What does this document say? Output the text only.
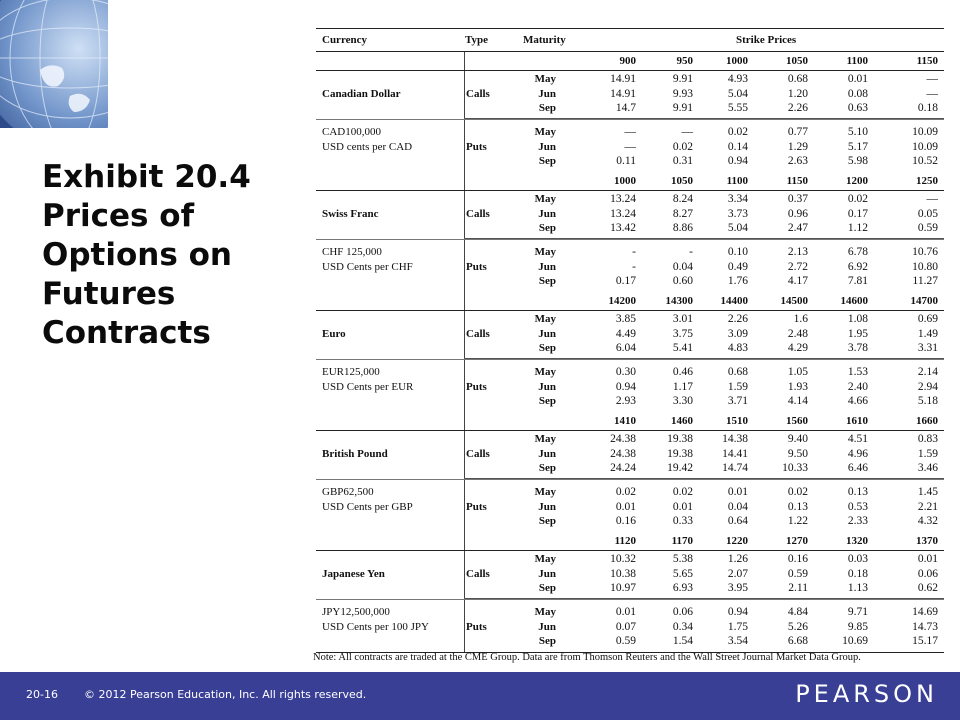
Exhibit 20.4
Prices of
Options on
Futures
Contracts
Currency	Type	Maturity	Strike Prices
900	950	1000	1050	1100	1150
Canadian Dollar	Calls
May	14.91	9.91	4.93	0.68	0.01	—
Jun	14.91	9.93	5.04	1.20	0.08	—
Sep	14.7	9.91	5.55	2.26	0.63	0.18
CAD100,000
USD cents per CAD	Puts
May	—	—	0.02	0.77	5.10	10.09
Jun	—	0.02	0.14	1.29	5.17	10.09
Sep	0.11	0.31	0.94	2.63	5.98	10.52
1000	1050	1100	1150	1200	1250
Swiss Franc	Calls
May	13.24	8.24	3.34	0.37	0.02	—
Jun	13.24	8.27	3.73	0.96	0.17	0.05
Sep	13.42	8.86	5.04	2.47	1.12	0.59
CHF 125,000
USD Cents per CHF	Puts
May	-	-	0.10	2.13	6.78	10.76
Jun	-	0.04	0.49	2.72	6.92	10.80
Sep	0.17	0.60	1.76	4.17	7.81	11.27
14200	14300	14400	14500	14600	14700
Euro	Calls
May	3.85	3.01	2.26	1.6	1.08	0.69
Jun	4.49	3.75	3.09	2.48	1.95	1.49
Sep	6.04	5.41	4.83	4.29	3.78	3.31
EUR125,000
USD Cents per EUR	Puts
May	0.30	0.46	0.68	1.05	1.53	2.14
Jun	0.94	1.17	1.59	1.93	2.40	2.94
Sep	2.93	3.30	3.71	4.14	4.66	5.18
1410	1460	1510	1560	1610	1660
British Pound	Calls
May	24.38	19.38	14.38	9.40	4.51	0.83
Jun	24.38	19.38	14.41	9.50	4.96	1.59
Sep	24.24	19.42	14.74	10.33	6.46	3.46
GBP62,500
USD Cents per GBP	Puts
May	0.02	0.02	0.01	0.02	0.13	1.45
Jun	0.01	0.01	0.04	0.13	0.53	2.21
Sep	0.16	0.33	0.64	1.22	2.33	4.32
1120	1170	1220	1270	1320	1370
Japanese Yen	Calls
May	10.32	5.38	1.26	0.16	0.03	0.01
Jun	10.38	5.65	2.07	0.59	0.18	0.06
Sep	10.97	6.93	3.95	2.11	1.13	0.62
JPY12,500,000
USD Cents per 100 JPY	Puts
May	0.01	0.06	0.94	4.84	9.71	14.69
Jun	0.07	0.34	1.75	5.26	9.85	14.73
Sep	0.59	1.54	3.54	6.68	10.69	15.17
Note: All contracts are traded at the CME Group. Data are from Thomson Reuters and the Wall Street Journal Market Data Group.
20-16 © 2012 Pearson Education, Inc. All rights reserved.	PEARSON
